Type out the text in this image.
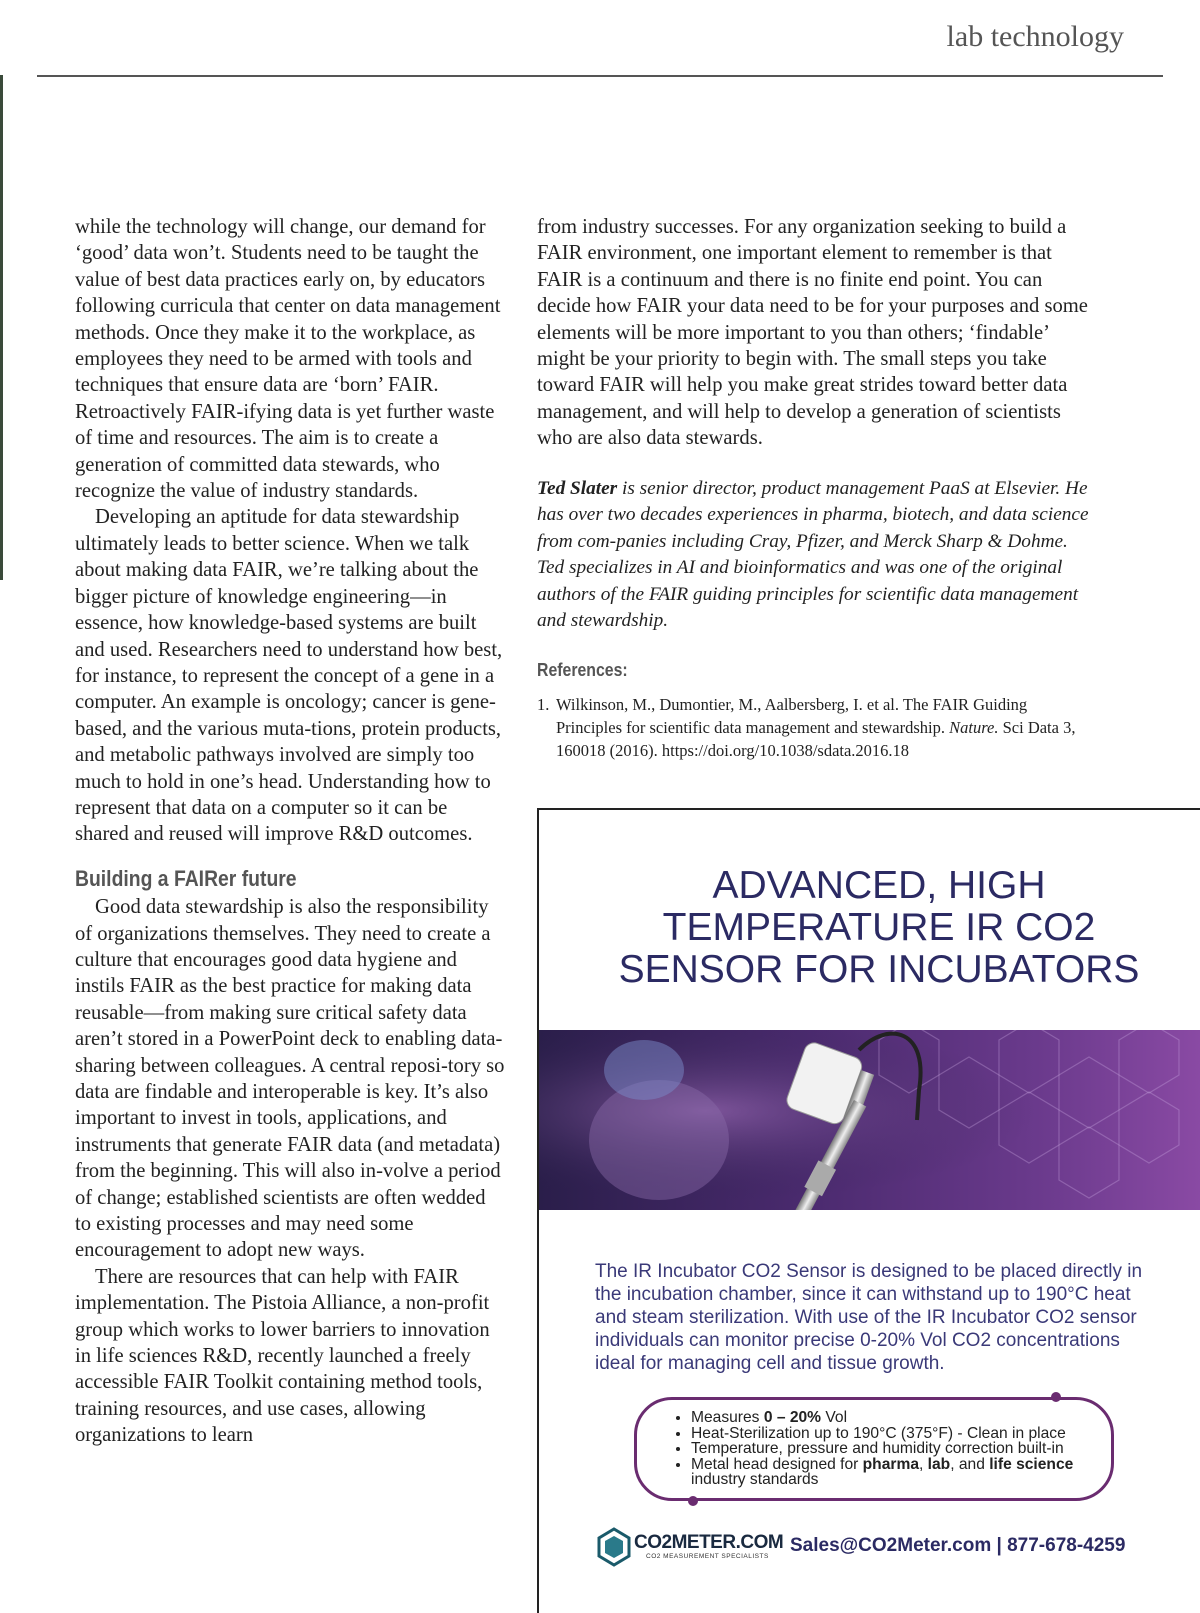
lab technology

while the technology will change, our demand for ‘good’ data won’t. Students need to be taught the value of best data practices early on, by educators following curricula that center on data management methods. Once they make it to the workplace, as employees they need to be armed with tools and techniques that ensure data are ‘born’ FAIR. Retroactively FAIR-ifying data is yet further waste of time and resources. The aim is to create a generation of committed data stewards, who recognize the value of industry standards.

Developing an aptitude for data stewardship ultimately leads to better science. When we talk about making data FAIR, we’re talking about the bigger picture of knowledge engineering—in essence, how knowledge-based systems are built and used. Researchers need to understand how best, for instance, to represent the concept of a gene in a computer. An example is oncology; cancer is gene-based, and the various muta-tions, protein products, and metabolic pathways involved are simply too much to hold in one’s head. Understanding how to represent that data on a computer so it can be shared and reused will improve R&D outcomes.

Building a FAIRer future

Good data stewardship is also the responsibility of organizations themselves. They need to create a culture that encourages good data hygiene and instils FAIR as the best practice for making data reusable—from making sure critical safety data aren’t stored in a PowerPoint deck to enabling data-sharing between colleagues. A central reposi-tory so data are findable and interoperable is key. It’s also important to invest in tools, applications, and instruments that generate FAIR data (and metadata) from the beginning. This will also in-volve a period of change; established scientists are often wedded to existing processes and may need some encouragement to adopt new ways.

There are resources that can help with FAIR implementation. The Pistoia Alliance, a non-profit group which works to lower barriers to innovation in life sciences R&D, recently launched a freely accessible FAIR Toolkit containing method tools, training resources, and use cases, allowing organizations to learn

from industry successes. For any organization seeking to build a FAIR environment, one important element to remember is that FAIR is a continuum and there is no finite end point. You can decide how FAIR your data need to be for your purposes and some elements will be more important to you than others; ‘findable’ might be your priority to begin with. The small steps you take toward FAIR will help you make great strides toward better data management, and will help to develop a generation of scientists who are also data stewards.

Ted Slater is senior director, product management PaaS at Elsevier. He has over two decades experiences in pharma, biotech, and data science from com-panies including Cray, Pfizer, and Merck Sharp & Dohme. Ted specializes in AI and bioinformatics and was one of the original authors of the FAIR guiding principles for scientific data management and stewardship.

References:
1. Wilkinson, M., Dumontier, M., Aalbersberg, I. et al. The FAIR Guiding Principles for scientific data management and stewardship. Nature. Sci Data 3, 160018 (2016). https://doi.org/10.1038/sdata.2016.18
ADVANCED, HIGH
TEMPERATURE IR CO2
SENSOR FOR INCUBATORS
The IR Incubator CO2 Sensor is designed to be placed directly in the incubation chamber, since it can withstand up to 190°C heat and steam sterilization. With use of the IR Incubator CO2 sensor individuals can monitor precise 0-20% Vol CO2 concentrations ideal for managing cell and tissue growth.
• Measures 0 – 20% Vol
• Heat-Sterilization up to 190°C (375°F) - Clean in place
• Temperature, pressure and humidity correction built-in
• Metal head designed for pharma, lab, and life science industry standards
CO2METER.COM
CO2 MEASUREMENT SPECIALISTS
Sales@CO2Meter.com | 877-678-4259
